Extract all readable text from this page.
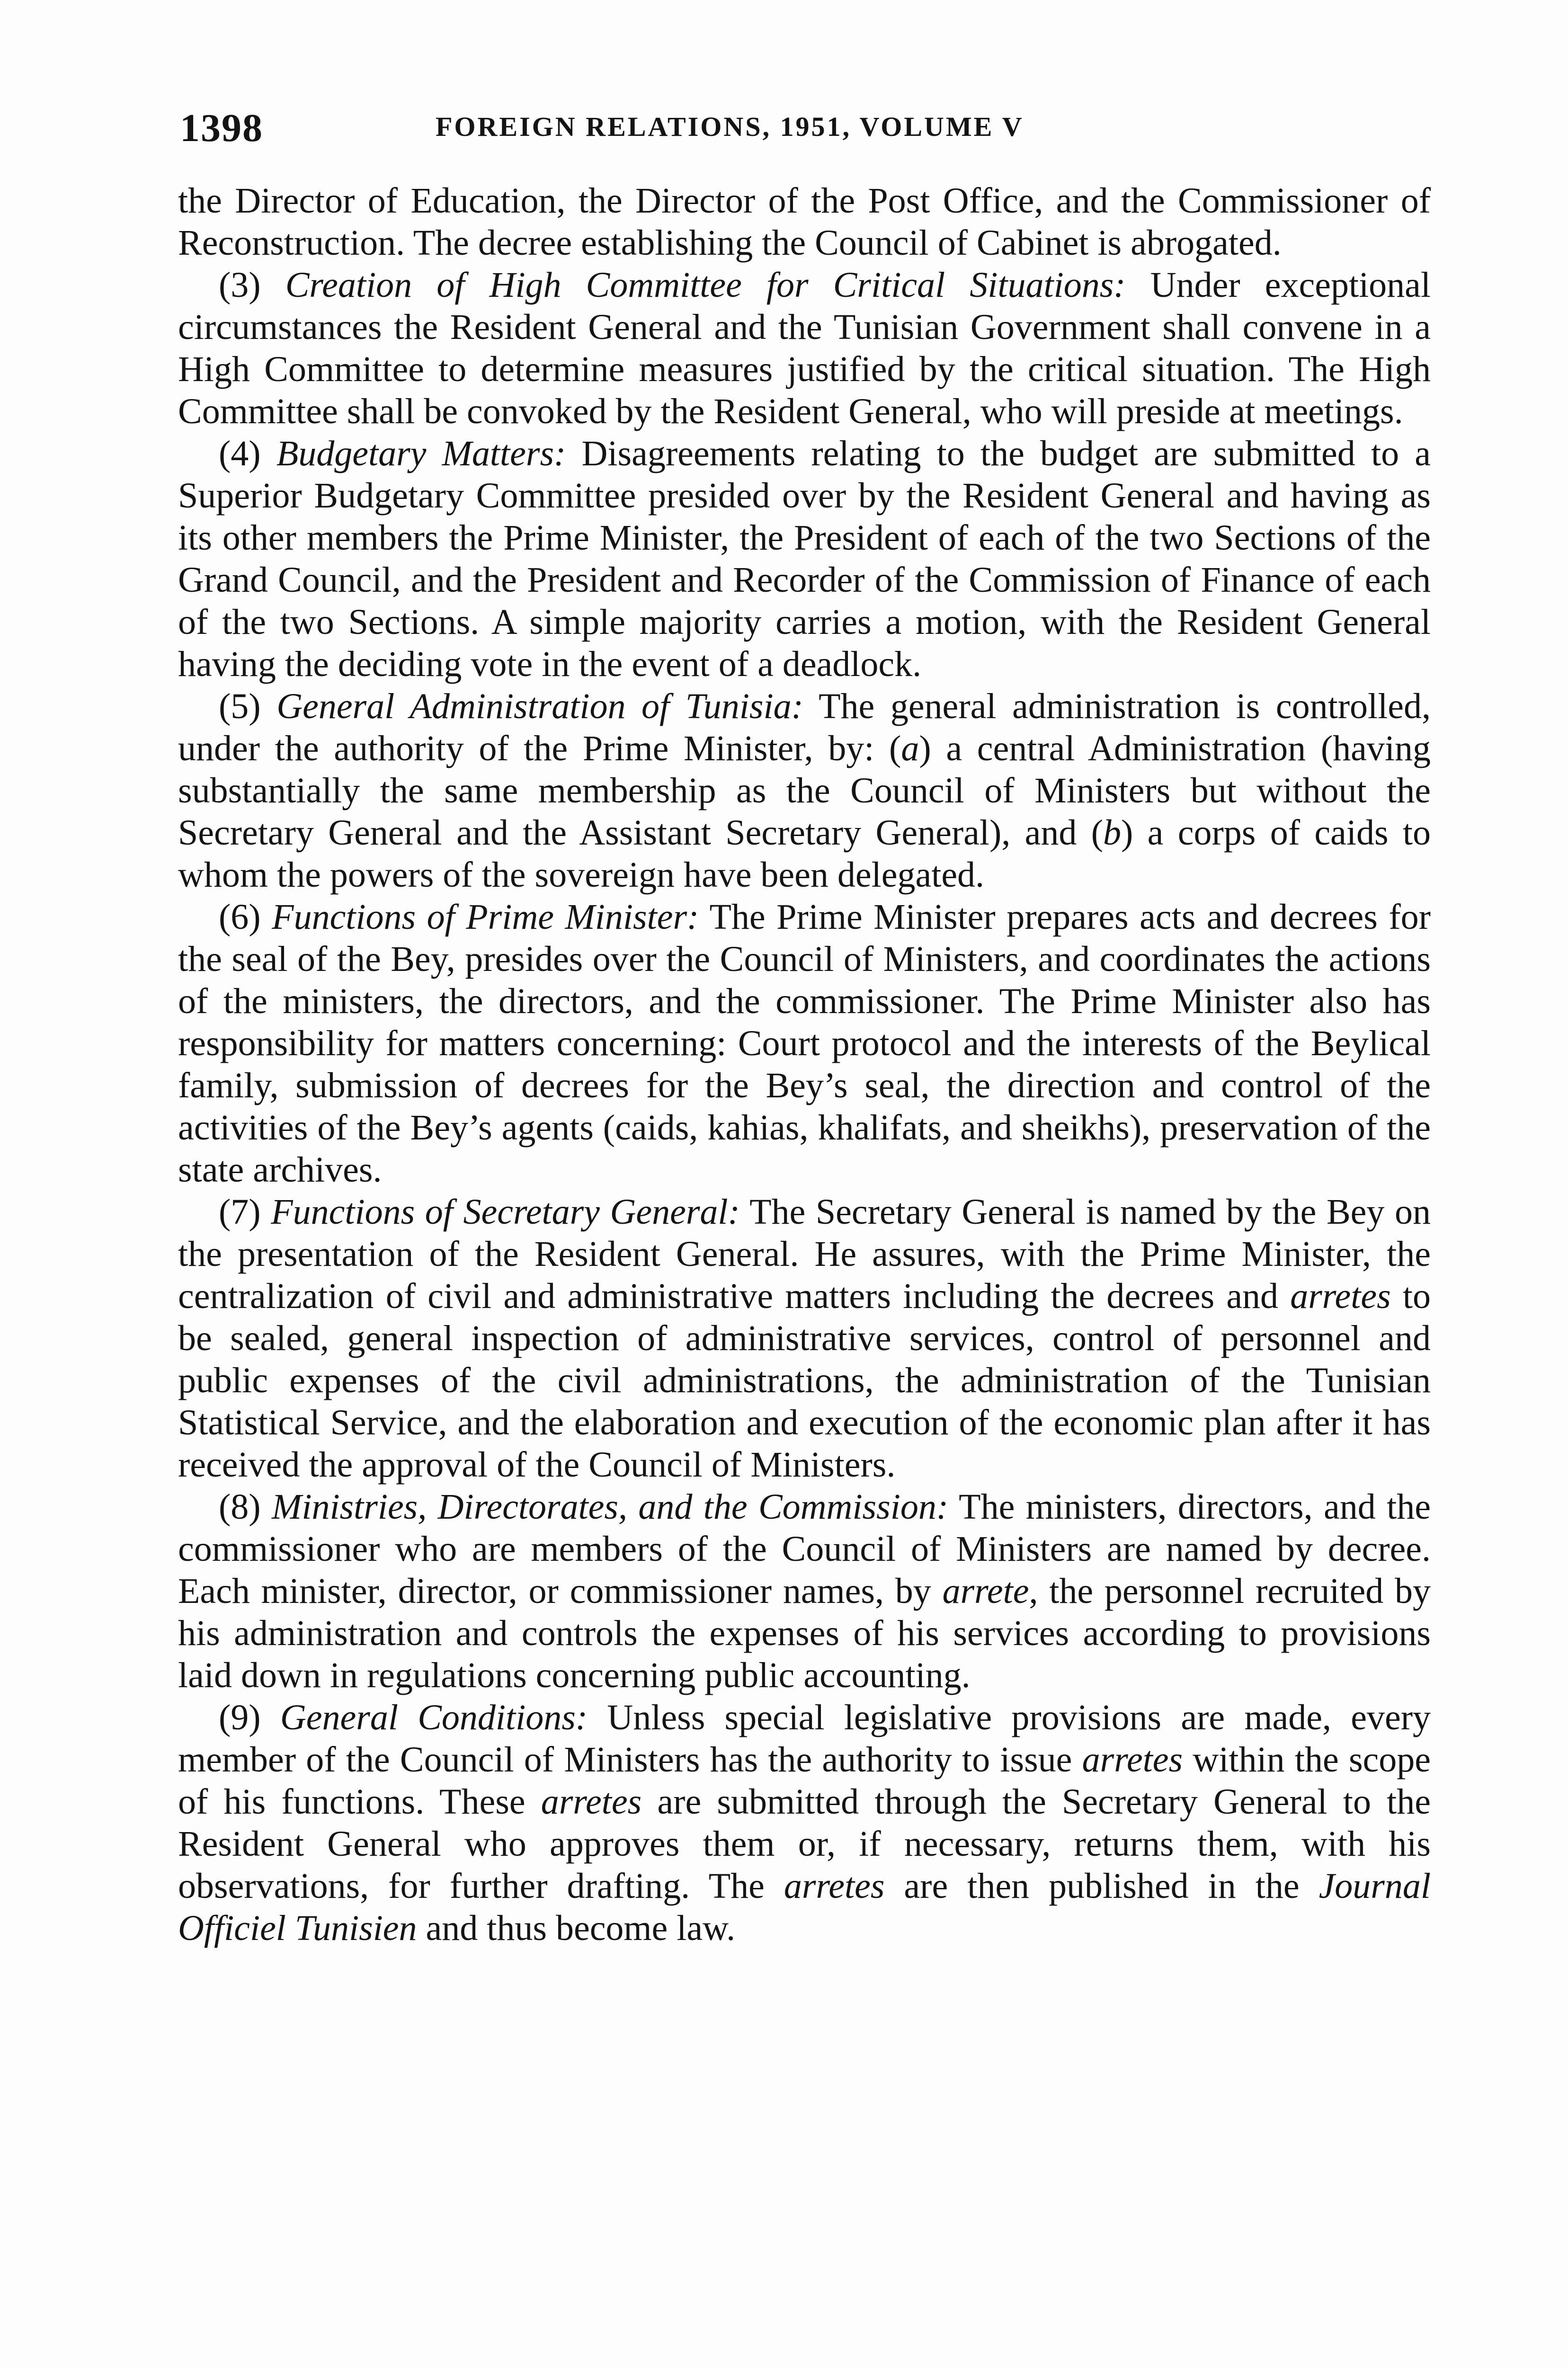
1398	FOREIGN RELATIONS, 1951, VOLUME V

the Director of Education, the Director of the Post Office, and the Commissioner of Reconstruction. The decree establishing the Council of Cabinet is abrogated.

(3) Creation of High Committee for Critical Situations: Under exceptional circumstances the Resident General and the Tunisian Government shall convene in a High Committee to determine measures justified by the critical situation. The High Committee shall be convoked by the Resident General, who will preside at meetings.

(4) Budgetary Matters: Disagreements relating to the budget are submitted to a Superior Budgetary Committee presided over by the Resident General and having as its other members the Prime Minister, the President of each of the two Sections of the Grand Council, and the President and Recorder of the Commission of Finance of each of the two Sections. A simple majority carries a motion, with the Resident General having the deciding vote in the event of a deadlock.

(5) General Administration of Tunisia: The general administration is controlled, under the authority of the Prime Minister, by: (a) a central Administration (having substantially the same membership as the Council of Ministers but without the Secretary General and the Assistant Secretary General), and (b) a corps of caids to whom the powers of the sovereign have been delegated.

(6) Functions of Prime Minister: The Prime Minister prepares acts and decrees for the seal of the Bey, presides over the Council of Ministers, and coordinates the actions of the ministers, the directors, and the commissioner. The Prime Minister also has responsibility for matters concerning: Court protocol and the interests of the Beylical family, submission of decrees for the Bey’s seal, the direction and control of the activities of the Bey’s agents (caids, kahias, khalifats, and sheikhs), preservation of the state archives.

(7) Functions of Secretary General: The Secretary General is named by the Bey on the presentation of the Resident General. He assures, with the Prime Minister, the centralization of civil and administrative matters including the decrees and arretes to be sealed, general inspection of administrative services, control of personnel and public expenses of the civil administrations, the administration of the Tunisian Statistical Service, and the elaboration and execution of the economic plan after it has received the approval of the Council of Ministers.

(8) Ministries, Directorates, and the Commission: The ministers, directors, and the commissioner who are members of the Council of Ministers are named by decree. Each minister, director, or commissioner names, by arrete, the personnel recruited by his administration and controls the expenses of his services according to provisions laid down in regulations concerning public accounting.

(9) General Conditions: Unless special legislative provisions are made, every member of the Council of Ministers has the authority to issue arretes within the scope of his functions. These arretes are submitted through the Secretary General to the Resident General who approves them or, if necessary, returns them, with his observations, for further drafting. The arretes are then published in the Journal Officiel Tunisien and thus become law.
